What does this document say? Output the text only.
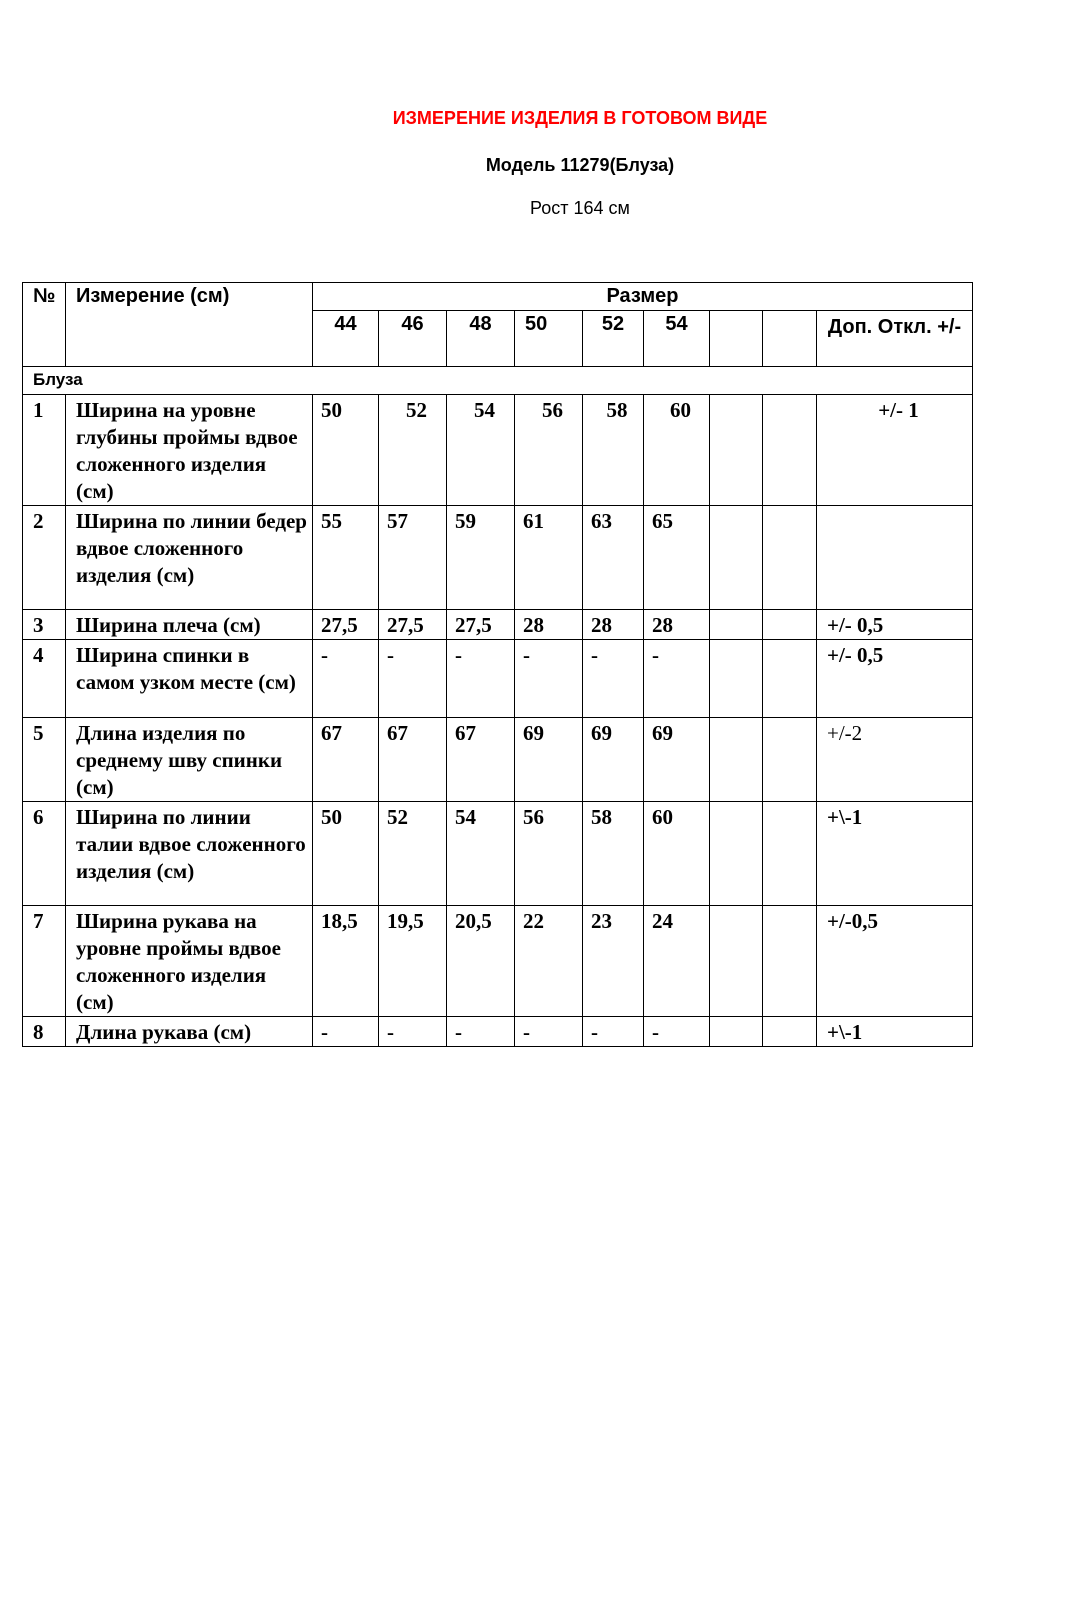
ИЗМЕРЕНИЕ ИЗДЕЛИЯ В ГОТОВОМ ВИДЕ
Модель 11279(Блуза)
Рост 164 см
№	Измерение (см)	Размер								
		44	46	48	50	52	54			Доп. Откл. +/-
Блуза										
1	Ширина на уровне глубины проймы вдвое сложенного изделия (см)	50	52	54	56	58	60			+/- 1
2	Ширина по линии бедер вдвое сложенного изделия (см)	55	57	59	61	63	65			
3	Ширина плеча (см)	27,5	27,5	27,5	28	28	28			+/- 0,5
4	Ширина спинки в самом узком месте (см)	-	-	-	-	-	-			+/- 0,5
5	Длина изделия по среднему шву спинки (см)	67	67	67	69	69	69			+/-2
6	Ширина по линии талии вдвое сложенного изделия (см)	50	52	54	56	58	60			+\-1
7	Ширина рукава на уровне проймы вдвое сложенного изделия (см)	18,5	19,5	20,5	22	23	24			+/-0,5
8	Длина рукава (см)	-	-	-	-	-	-			+\-1
